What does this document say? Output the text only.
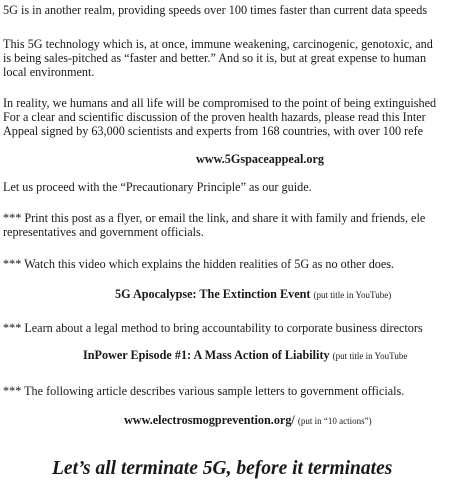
5G is in another realm, providing speeds over 100 times faster than current data speeds
This 5G technology which is, at once, immune weakening, carcinogenic, genotoxic, and
is being sales-pitched as “faster and better.” And so it is, but at great expense to human
local environment.
In reality, we humans and all life will be compromised to the point of being extinguished
For a clear and scientific discussion of the proven health hazards, please read this Inter
Appeal signed by 63,000 scientists and experts from 168 countries, with over 100 refe
www.5Gspaceappeal.org
Let us proceed with the “Precautionary Principle” as our guide.
*** Print this post as a flyer, or email the link, and share it with family and friends, ele
representatives and government officials.
*** Watch this video which explains the hidden realities of 5G as no other does.
5G Apocalypse: The Extinction Event (put title in YouTube)
*** Learn about a legal method to bring accountability to corporate business directors
InPower Episode #1: A Mass Action of Liability (put title in YouTube
*** The following article describes various sample letters to government officials.
www.electrosmogprevention.org/ (put in “10 actions”)
Let’s all terminate 5G, before it terminates
